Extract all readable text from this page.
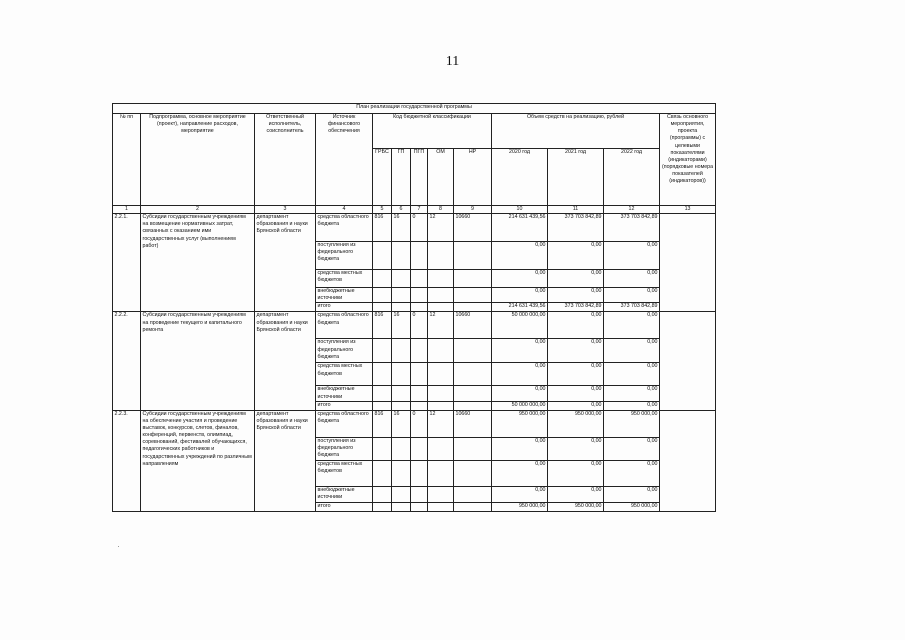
11
План реализации государственной программы												
№ пп	Подпрограмма, основное мероприятие (проект), направление расходов, мероприятие	Ответственный исполнитель, соисполнитель	Источник финансового обеспечения	Код бюджетной классификации					Объем средств на реализацию, рублей			Связь основного мероприятия, проекта (программы) с целевыми показателями (индикаторами) (порядковые номера показателей (индикаторов))
				ГРБС	ГП	ПГП	ОМ	НР	2020 год	2021 год	2022 год	
1	2	3	4	5	6	7	8	9	10	11	12	13
2.2.1.	Субсидии государственным учреждениям на возмещение нормативных затрат, связанных с оказанием ими государственных услуг (выполнением работ)	департамент образования и науки Брянской области	средства областного бюджета	816	16	0	12	10660	214 631 439,56	373 703 842,89	373 703 842,89	
			поступления из федерального бюджета						0,00	0,00	0,00	
			средства местных бюджетов						0,00	0,00	0,00	
			внебюджетные источники						0,00	0,00	0,00	
			итого						214 631 439,56	373 703 842,89	373 703 842,89	
2.2.2.	Субсидии государственным учреждениям на проведение текущего и капитального ремонта	департамент образования и науки Брянской области	средства областного бюджета	816	16	0	12	10660	50 000 000,00	0,00	0,00	
			поступления из федерального бюджета						0,00	0,00	0,00	
			средства местных бюджетов						0,00	0,00	0,00	
			внебюджетные источники						0,00	0,00	0,00	
			итого						50 000 000,00	0,00	0,00	
2.2.3.	Субсидии государственным учреждениям на обеспечение участия и проведение выставок, конкурсов, слетов, финалов, конференций, первенств, олимпиад, соревнований, фестивалей обучающихся, педагогических работников и государственных учреждений по различным направлениям	департамент образования и науки Брянской области	средства областного бюджета	816	16	0	12	10660	950 000,00	950 000,00	950 000,00	
			поступления из федерального бюджета						0,00	0,00	0,00	
			средства местных бюджетов						0,00	0,00	0,00	
			внебюджетные источники						0,00	0,00	0,00	
			итого						950 000,00	950 000,00	950 000,00	
